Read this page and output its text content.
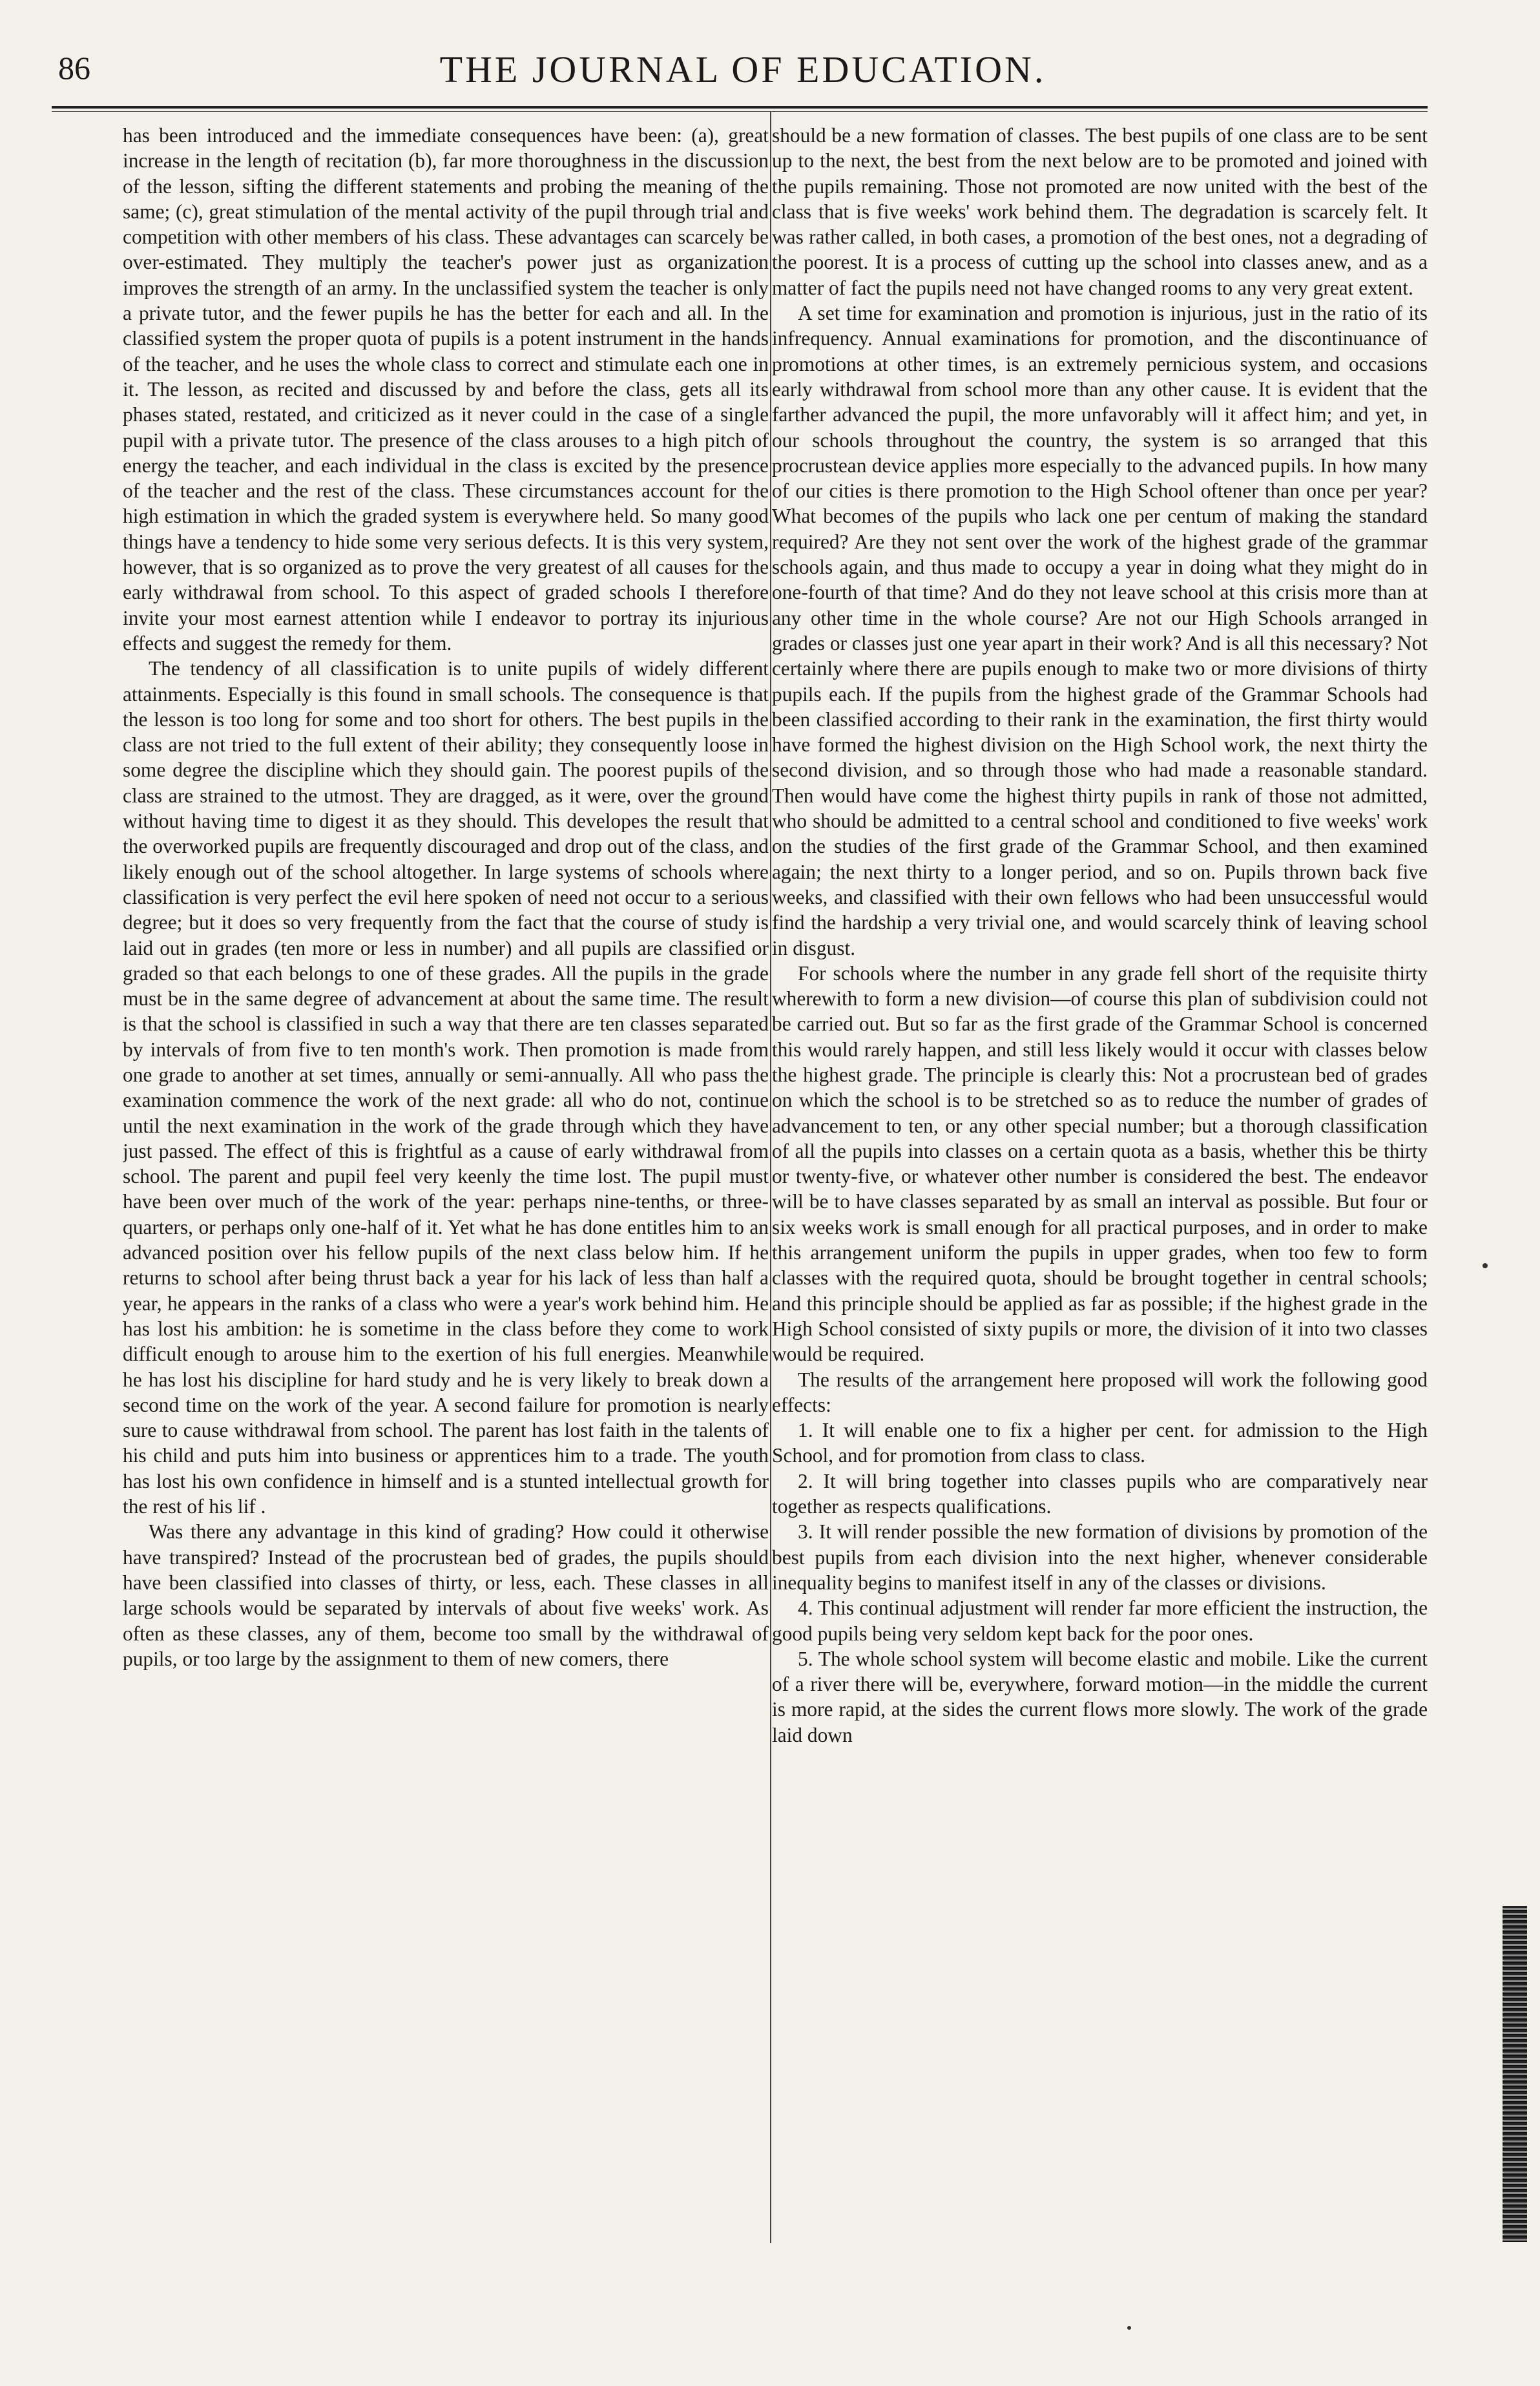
86	THE JOURNAL OF EDUCATION.

has been introduced and the immediate consequences have been: (a), great increase in the length of recitation (b), far more thoroughness in the discussion of the lesson, sifting the different statements and probing the meaning of the same; (c), great stimulation of the mental activity of the pupil through trial and competition with other members of his class. These advantages can scarcely be over-estimated. They multiply the teacher's power just as organization improves the strength of an army. In the unclassified system the teacher is only a private tutor, and the fewer pupils he has the better for each and all. In the classified system the proper quota of pupils is a potent instrument in the hands of the teacher, and he uses the whole class to correct and stimulate each one in it. The lesson, as recited and discussed by and before the class, gets all its phases stated, restated, and criticized as it never could in the case of a single pupil with a private tutor. The presence of the class arouses to a high pitch of energy the teacher, and each individual in the class is excited by the presence of the teacher and the rest of the class. These circumstances account for the high estimation in which the graded system is everywhere held. So many good things have a tendency to hide some very serious defects. It is this very system, however, that is so organized as to prove the very greatest of all causes for the early withdrawal from school. To this aspect of graded schools I therefore invite your most earnest attention while I endeavor to portray its injurious effects and suggest the remedy for them.

The tendency of all classification is to unite pupils of widely different attainments. Especially is this found in small schools. The consequence is that the lesson is too long for some and too short for others. The best pupils in the class are not tried to the full extent of their ability; they consequently loose in some degree the discipline which they should gain. The poorest pupils of the class are strained to the utmost. They are dragged, as it were, over the ground without having time to digest it as they should. This developes the result that the overworked pupils are frequently discouraged and drop out of the class, and likely enough out of the school altogether. In large systems of schools where classification is very perfect the evil here spoken of need not occur to a serious degree; but it does so very frequently from the fact that the course of study is laid out in grades (ten more or less in number) and all pupils are classified or graded so that each belongs to one of these grades. All the pupils in the grade must be in the same degree of advancement at about the same time. The result is that the school is classified in such a way that there are ten classes separated by intervals of from five to ten month's work. Then promotion is made from one grade to another at set times, annually or semi-annually. All who pass the examination commence the work of the next grade: all who do not, continue until the next examination in the work of the grade through which they have just passed. The effect of this is frightful as a cause of early withdrawal from school. The parent and pupil feel very keenly the time lost. The pupil must have been over much of the work of the year: perhaps nine-tenths, or three-quarters, or perhaps only one-half of it. Yet what he has done entitles him to an advanced position over his fellow pupils of the next class below him. If he returns to school after being thrust back a year for his lack of less than half a year, he appears in the ranks of a class who were a year's work behind him. He has lost his ambition: he is sometime in the class before they come to work difficult enough to arouse him to the exertion of his full energies. Meanwhile he has lost his discipline for hard study and he is very likely to break down a second time on the work of the year. A second failure for promotion is nearly sure to cause withdrawal from school. The parent has lost faith in the talents of his child and puts him into business or apprentices him to a trade. The youth has lost his own confidence in himself and is a stunted intellectual growth for the rest of his lif .

Was there any advantage in this kind of grading? How could it otherwise have transpired? Instead of the procrustean bed of grades, the pupils should have been classified into classes of thirty, or less, each. These classes in all large schools would be separated by intervals of about five weeks' work. As often as these classes, any of them, become too small by the withdrawal of pupils, or too large by the assignment to them of new comers, there

should be a new formation of classes. The best pupils of one class are to be sent up to the next, the best from the next below are to be promoted and joined with the pupils remaining. Those not promoted are now united with the best of the class that is five weeks' work behind them. The degradation is scarcely felt. It was rather called, in both cases, a promotion of the best ones, not a degrading of the poorest. It is a process of cutting up the school into classes anew, and as a matter of fact the pupils need not have changed rooms to any very great extent.

A set time for examination and promotion is injurious, just in the ratio of its infrequency. Annual examinations for promotion, and the discontinuance of promotions at other times, is an extremely pernicious system, and occasions early withdrawal from school more than any other cause. It is evident that the farther advanced the pupil, the more unfavorably will it affect him; and yet, in our schools throughout the country, the system is so arranged that this procrustean device applies more especially to the advanced pupils. In how many of our cities is there promotion to the High School oftener than once per year? What becomes of the pupils who lack one per centum of making the standard required? Are they not sent over the work of the highest grade of the grammar schools again, and thus made to occupy a year in doing what they might do in one-fourth of that time? And do they not leave school at this crisis more than at any other time in the whole course? Are not our High Schools arranged in grades or classes just one year apart in their work? And is all this necessary? Not certainly where there are pupils enough to make two or more divisions of thirty pupils each. If the pupils from the highest grade of the Grammar Schools had been classified according to their rank in the examination, the first thirty would have formed the highest division on the High School work, the next thirty the second division, and so through those who had made a reasonable standard. Then would have come the highest thirty pupils in rank of those not admitted, who should be admitted to a central school and conditioned to five weeks' work on the studies of the first grade of the Grammar School, and then examined again; the next thirty to a longer period, and so on. Pupils thrown back five weeks, and classified with their own fellows who had been unsuccessful would find the hardship a very trivial one, and would scarcely think of leaving school in disgust.

For schools where the number in any grade fell short of the requisite thirty wherewith to form a new division—of course this plan of subdivision could not be carried out. But so far as the first grade of the Grammar School is concerned this would rarely happen, and still less likely would it occur with classes below the highest grade. The principle is clearly this: Not a procrustean bed of grades on which the school is to be stretched so as to reduce the number of grades of advancement to ten, or any other special number; but a thorough classification of all the pupils into classes on a certain quota as a basis, whether this be thirty or twenty-five, or whatever other number is considered the best. The endeavor will be to have classes separated by as small an interval as possible. But four or six weeks work is small enough for all practical purposes, and in order to make this arrangement uniform the pupils in upper grades, when too few to form classes with the required quota, should be brought together in central schools; and this principle should be applied as far as possible; if the highest grade in the High School consisted of sixty pupils or more, the division of it into two classes would be required.

The results of the arrangement here proposed will work the following good effects:

1. It will enable one to fix a higher per cent. for admission to the High School, and for promotion from class to class.

2. It will bring together into classes pupils who are comparatively near together as respects qualifications.

3. It will render possible the new formation of divisions by promotion of the best pupils from each division into the next higher, whenever considerable inequality begins to manifest itself in any of the classes or divisions.

4. This continual adjustment will render far more efficient the instruction, the good pupils being very seldom kept back for the poor ones.

5. The whole school system will become elastic and mobile. Like the current of a river there will be, everywhere, forward motion—in the middle the current is more rapid, at the sides the current flows more slowly. The work of the grade laid down
